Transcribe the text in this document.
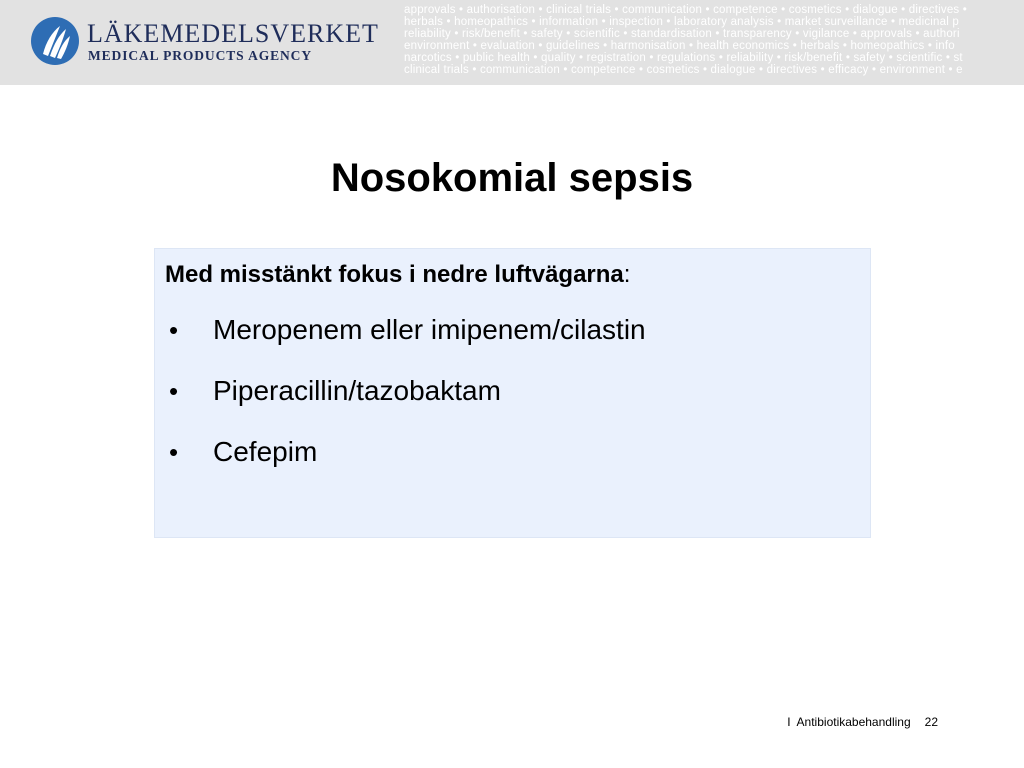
LÄKEMEDELSVERKET
MEDICAL PRODUCTS AGENCY
approvals • authorisation • clinical trials • communication • competence • cosmetics • dialogue • directives •
herbals • homeopathics • information • inspection • laboratory analysis • market surveillance • medicinal p
reliability • risk/benefit • safety • scientific • standardisation • transparency • vigilance • approvals • authori
environment • evaluation • guidelines • harmonisation • health economics • herbals • homeopathics • info
narcotics • public health • quality • registration • regulations • reliability • risk/benefit • safety • scientific • st
clinical trials • communication • competence • cosmetics • dialogue • directives • efficacy • environment • e
Nosokomial sepsis
Med misstänkt fokus i nedre luftvägarna:
•	Meropenem eller imipenem/cilastin
•	Piperacillin/tazobaktam
•	Cefepim
I Antibiotikabehandling 22
